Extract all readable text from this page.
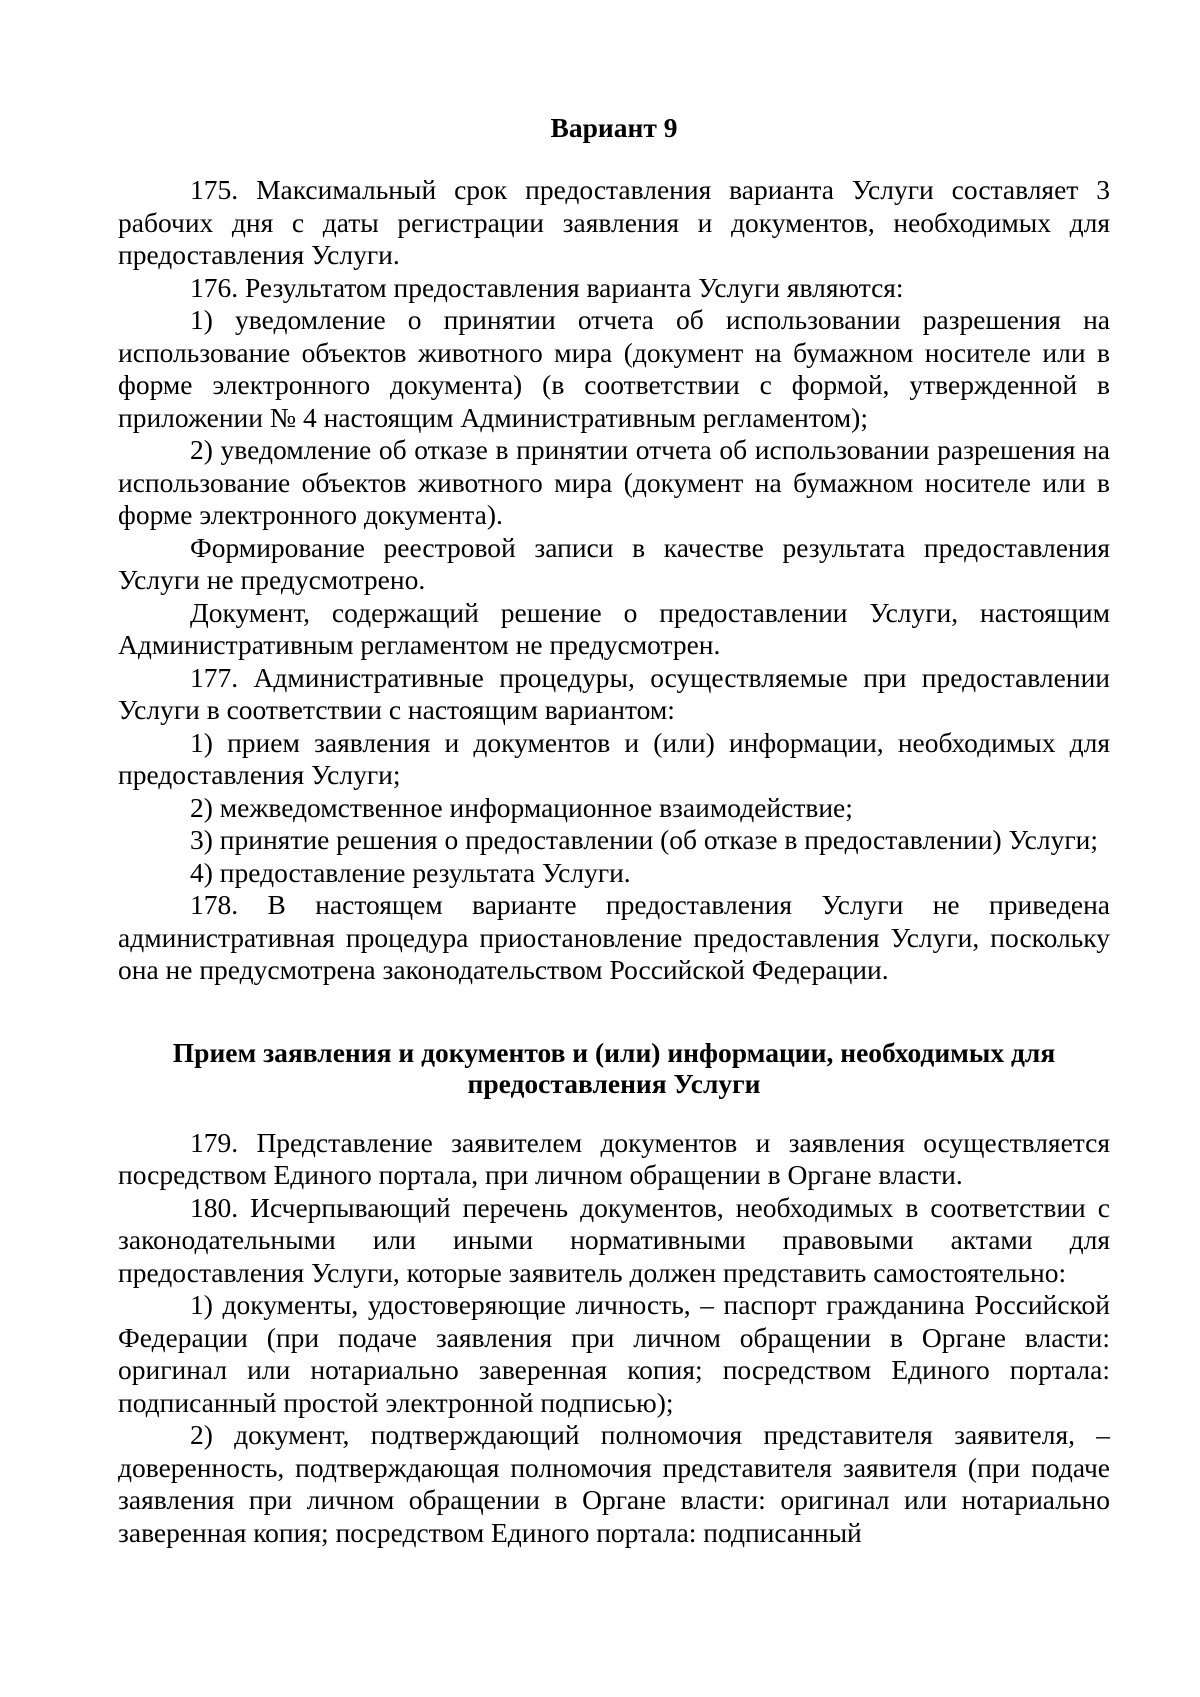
Вариант 9

175. Максимальный срок предоставления варианта Услуги составляет 3 рабочих дня с даты регистрации заявления и документов, необходимых для предоставления Услуги.

176. Результатом предоставления варианта Услуги являются:

1) уведомление о принятии отчета об использовании разрешения на использование объектов животного мира (документ на бумажном носителе или в форме электронного документа) (в соответствии с формой, утвержденной в приложении № 4 настоящим Административным регламентом);

2) уведомление об отказе в принятии отчета об использовании разрешения на использование объектов животного мира (документ на бумажном носителе или в форме электронного документа).

Формирование реестровой записи в качестве результата предоставления Услуги не предусмотрено.

Документ, содержащий решение о предоставлении Услуги, настоящим Административным регламентом не предусмотрен.

177. Административные процедуры, осуществляемые при предоставлении Услуги в соответствии с настоящим вариантом:

1) прием заявления и документов и (или) информации, необходимых для предоставления Услуги;

2) межведомственное информационное взаимодействие;

3) принятие решения о предоставлении (об отказе в предоставлении) Услуги;

4) предоставление результата Услуги.

178. В настоящем варианте предоставления Услуги не приведена административная процедура приостановление предоставления Услуги, поскольку она не предусмотрена законодательством Российской Федерации.

Прием заявления и документов и (или) информации, необходимых для
предоставления Услуги

179. Представление заявителем документов и заявления осуществляется посредством Единого портала, при личном обращении в Органе власти.

180. Исчерпывающий перечень документов, необходимых в соответствии с законодательными или иными нормативными правовыми актами для предоставления Услуги, которые заявитель должен представить самостоятельно:

1) документы, удостоверяющие личность, – паспорт гражданина Российской Федерации (при подаче заявления при личном обращении в Органе власти: оригинал или нотариально заверенная копия; посредством Единого портала: подписанный простой электронной подписью);

2) документ, подтверждающий полномочия представителя заявителя, – доверенность, подтверждающая полномочия представителя заявителя (при подаче заявления при личном обращении в Органе власти: оригинал или нотариально заверенная копия; посредством Единого портала: подписанный
